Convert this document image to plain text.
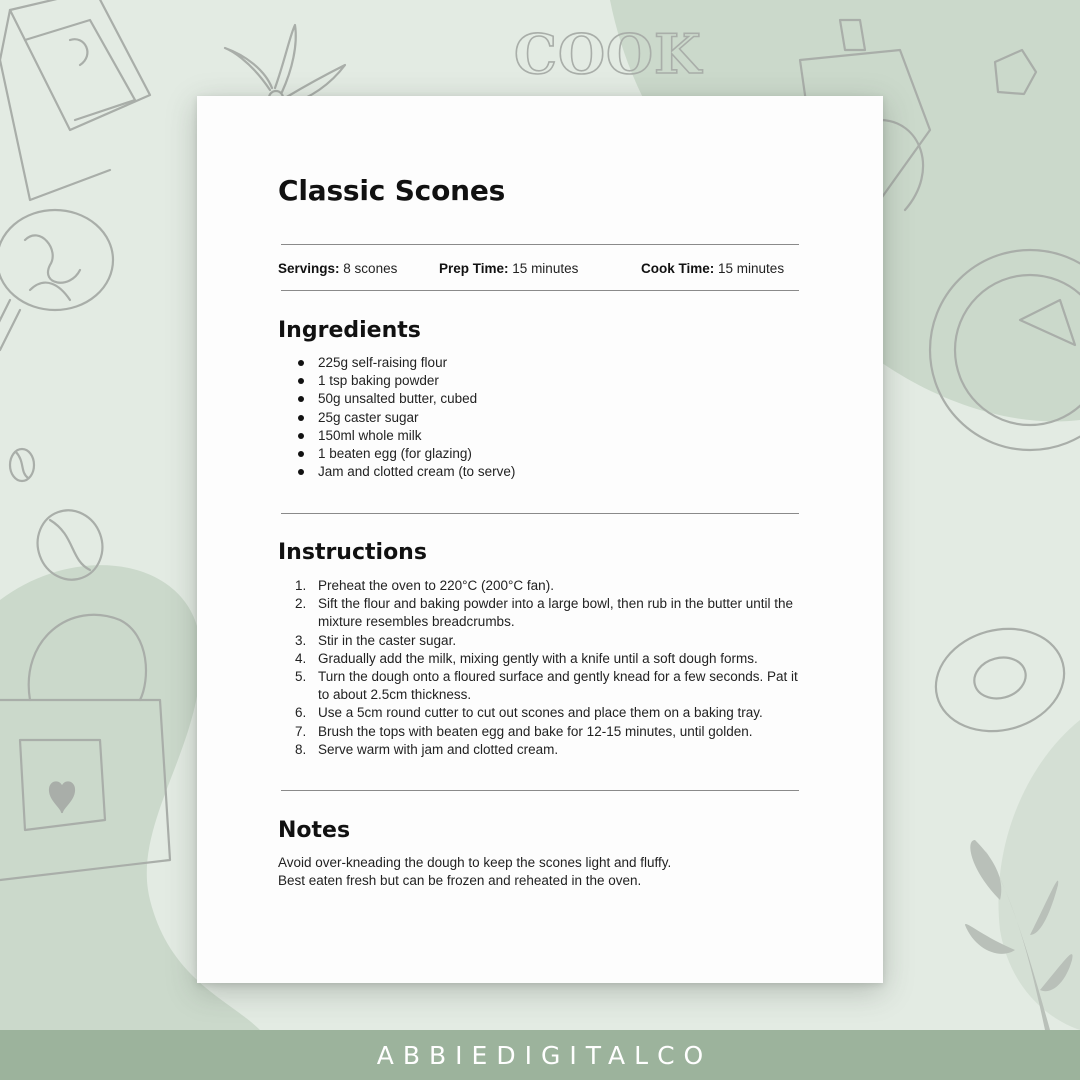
COOK
Classic Scones
Servings: 8 scones	Prep Time: 15 minutes	Cook Time: 15 minutes
Ingredients
225g self-raising flour
1 tsp baking powder
50g unsalted butter, cubed
25g caster sugar
150ml whole milk
1 beaten egg (for glazing)
Jam and clotted cream (to serve)
Instructions
1. Preheat the oven to 220°C (200°C fan).
2. Sift the flour and baking powder into a large bowl, then rub in the butter until the mixture resembles breadcrumbs.
3. Stir in the caster sugar.
4. Gradually add the milk, mixing gently with a knife until a soft dough forms.
5. Turn the dough onto a floured surface and gently knead for a few seconds. Pat it to about 2.5cm thickness.
6. Use a 5cm round cutter to cut out scones and place them on a baking tray.
7. Brush the tops with beaten egg and bake for 12-15 minutes, until golden.
8. Serve warm with jam and clotted cream.
Notes
Avoid over-kneading the dough to keep the scones light and fluffy.
Best eaten fresh but can be frozen and reheated in the oven.
ABBIEDIGITALCO
